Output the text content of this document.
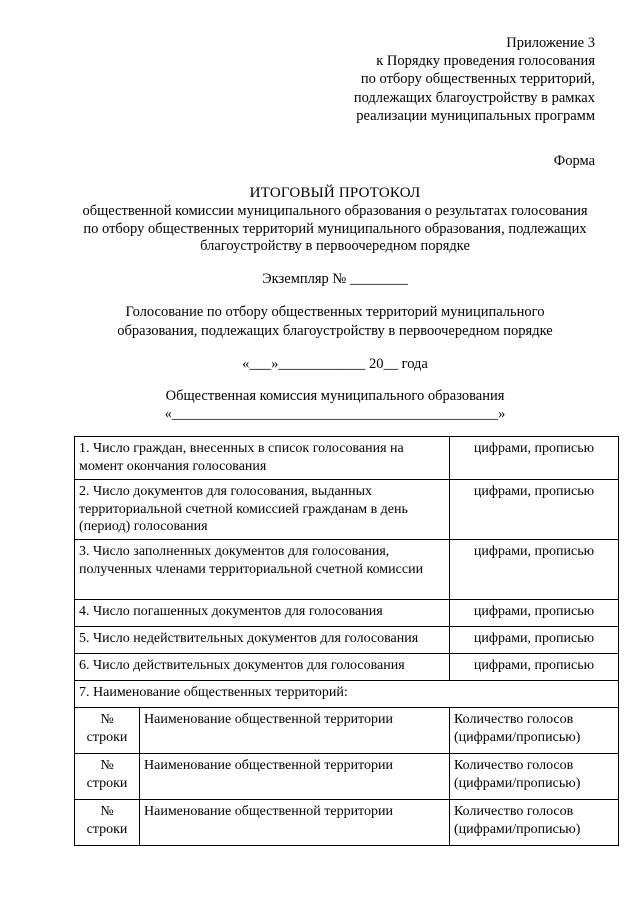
Приложение 3
к Порядку проведения голосования
по отбору общественных территорий,
подлежащих благоустройству в рамках
реализации муниципальных программ
Форма
ИТОГОВЫЙ ПРОТОКОЛ
общественной комиссии муниципального образования о результатах голосования
по отбору общественных территорий муниципального образования, подлежащих
благоустройству в первоочередном порядке
Экземпляр № ________
Голосование по отбору общественных территорий муниципального
образования, подлежащих благоустройству в первоочередном порядке
«___»____________ 20__ года
Общественная комиссия муниципального образования
«_____________________________________________»
1. Число граждан, внесенных в список голосования на момент окончания голосования		цифрами, прописью
2. Число документов для голосования, выданных территориальной счетной комиссией гражданам в день (период) голосования		цифрами, прописью
3. Число заполненных документов для голосования, полученных членами территориальной счетной комиссии		цифрами, прописью
4. Число погашенных документов для голосования		цифрами, прописью
5. Число недействительных документов для голосования		цифрами, прописью
6. Число действительных документов для голосования		цифрами, прописью
7. Наименование общественных территорий:		
№ строки	Наименование общественной территории	Количество голосов (цифрами/прописью)
№ строки	Наименование общественной территории	Количество голосов (цифрами/прописью)
№ строки	Наименование общественной территории	Количество голосов (цифрами/прописью)
